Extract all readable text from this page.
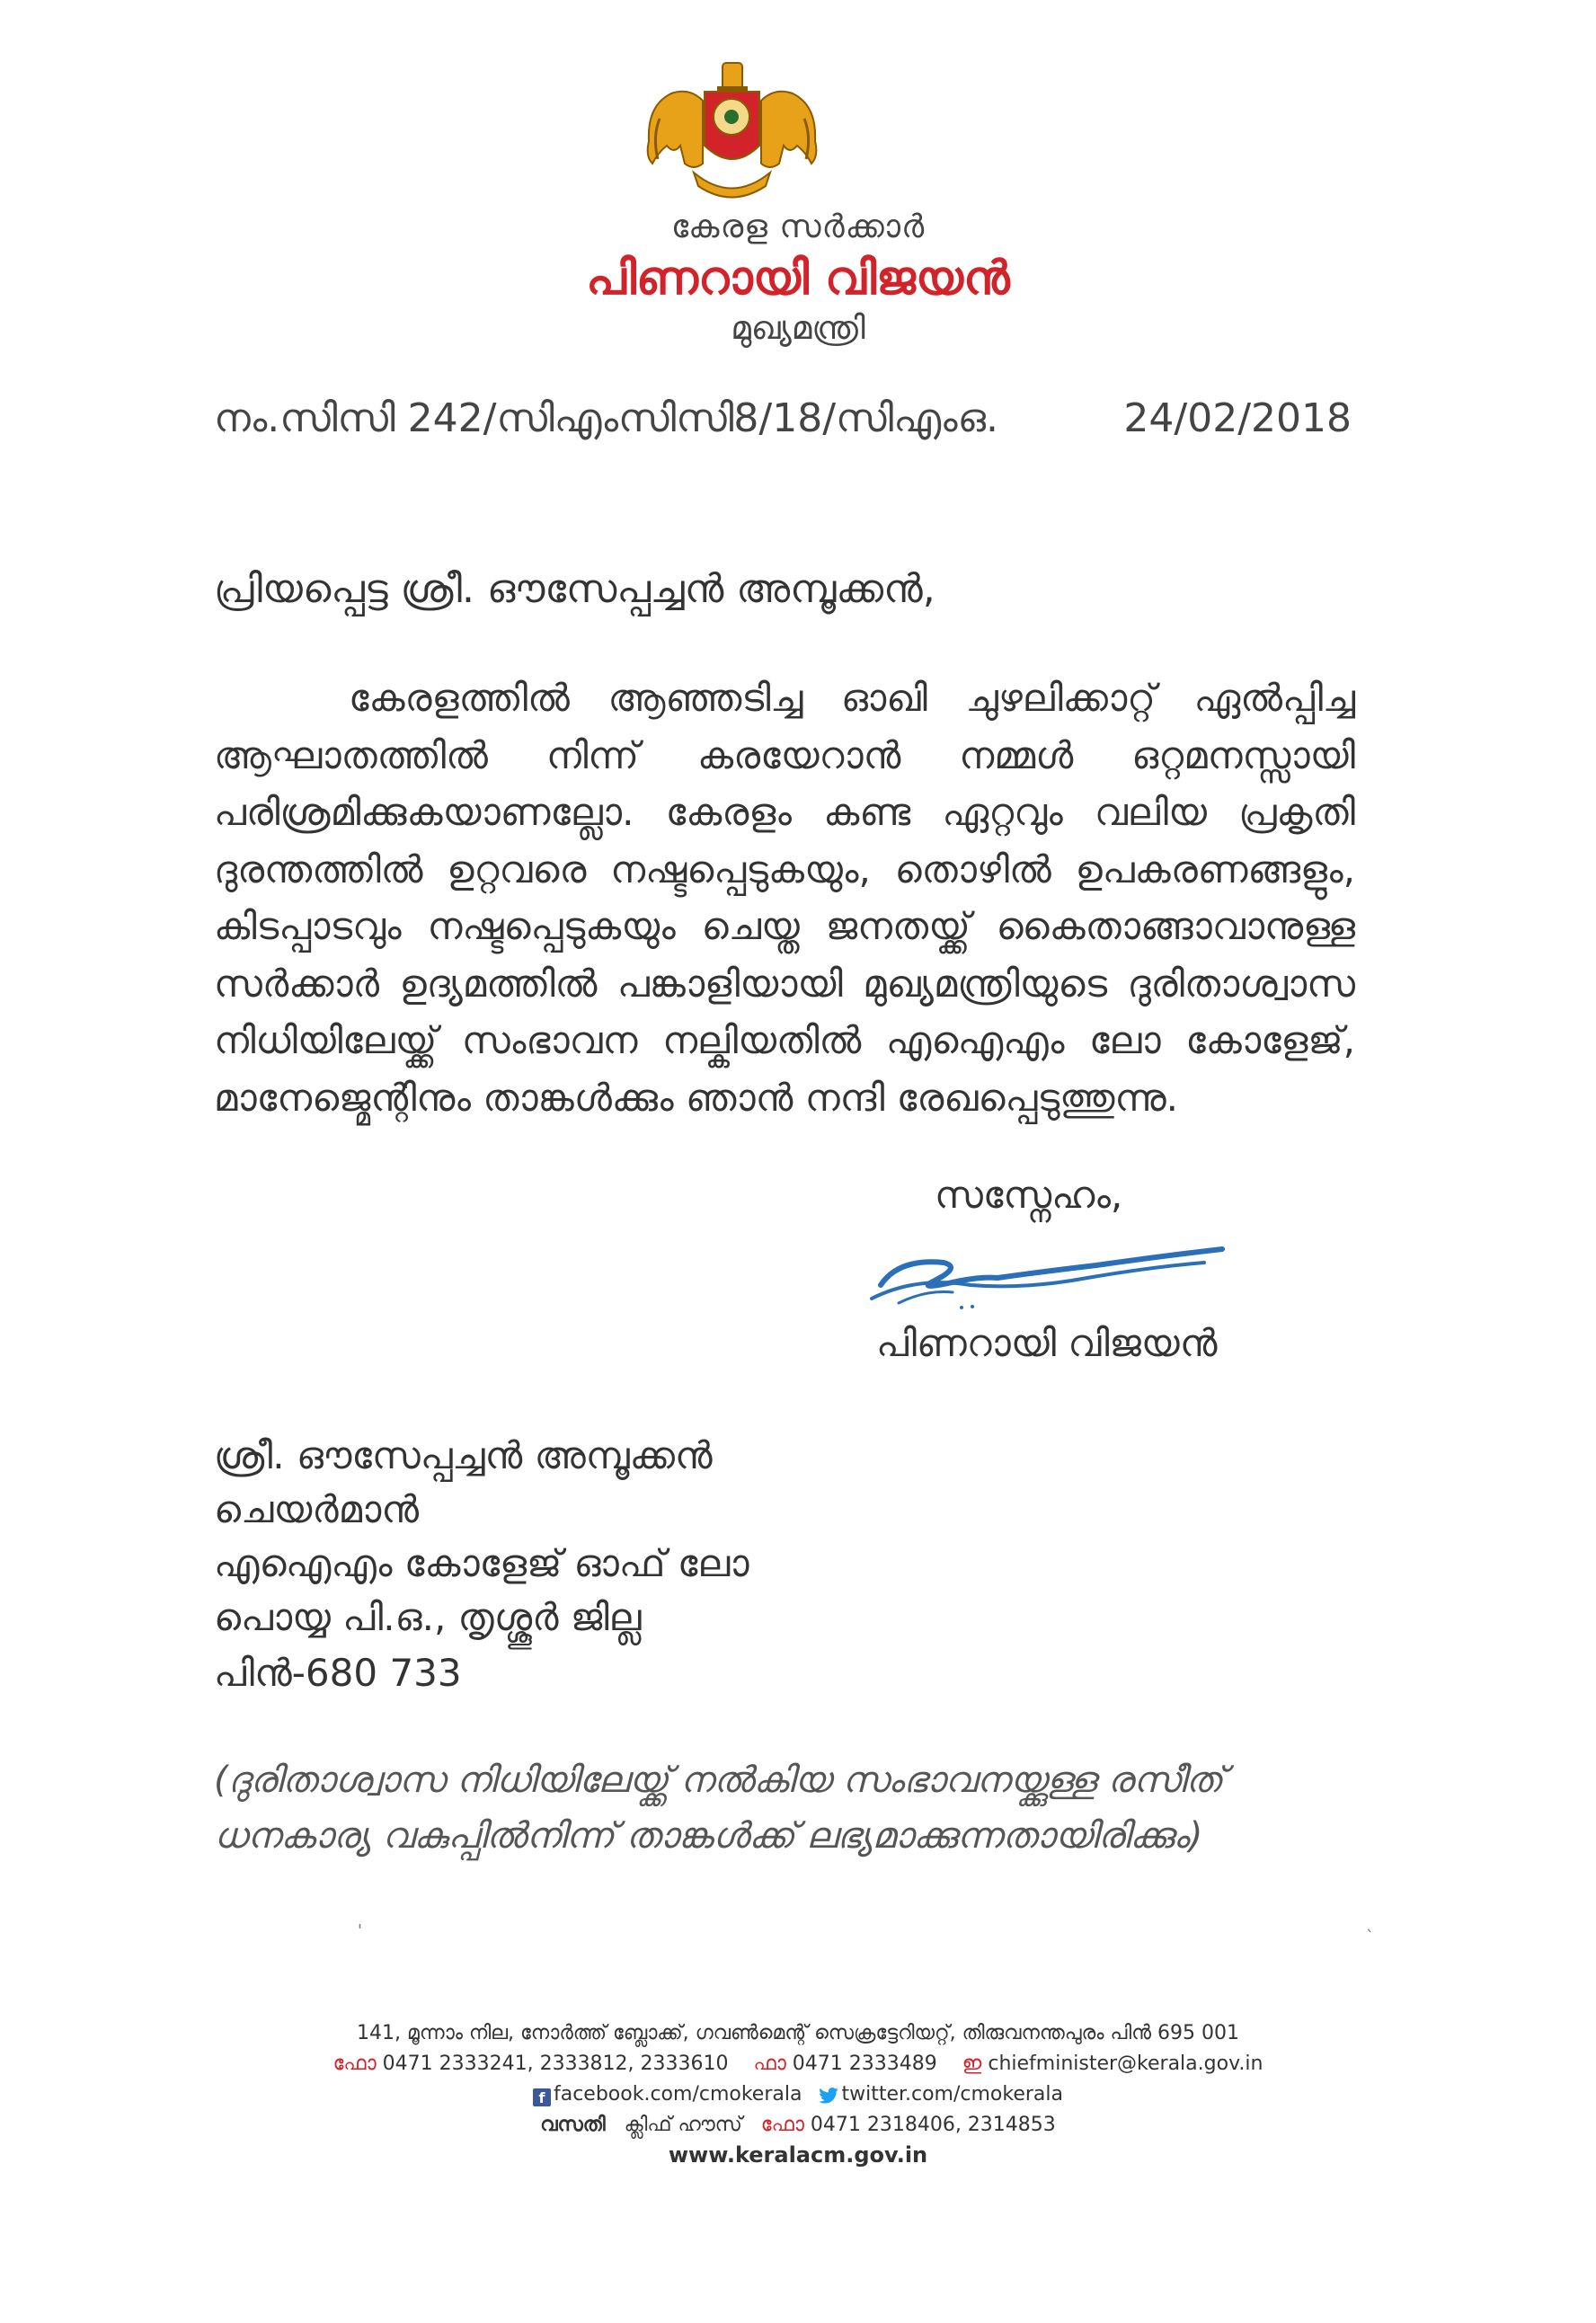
കേരള സർക്കാർ
പിണറായി വിജയൻ
മുഖ്യമന്ത്രി
നം.സിസി 242/സിഎംസിസി8/18/സിഎംഒ.	24/02/2018
പ്രിയപ്പെട്ട ശ്രീ. ഔസേപ്പച്ചൻ അമ്പൂക്കൻ,
കേരളത്തിൽ ആഞ്ഞടിച്ച ഓഖി ചുഴലിക്കാറ്റ് ഏൽപ്പിച്ച ആഘാതത്തിൽ നിന്ന് കരയേറാൻ നമ്മൾ ഒറ്റമനസ്സായി പരിശ്രമിക്കുകയാണല്ലോ. കേരളം കണ്ട ഏറ്റവും വലിയ പ്രകൃതി ദുരന്തത്തിൽ ഉറ്റവരെ നഷ്ടപ്പെടുകയും, തൊഴിൽ ഉപകരണങ്ങളും, കിടപ്പാടവും നഷ്ടപ്പെടുകയും ചെയ്ത ജനതയ്ക്ക് കൈതാങ്ങാവാനുള്ള സർക്കാർ ഉദ്യമത്തിൽ പങ്കാളിയായി മുഖ്യമന്ത്രിയുടെ ദുരിതാശ്വാസ നിധിയിലേയ്ക്ക് സംഭാവന നല്കിയതിൽ എഐഎം ലോ കോളേജ്, മാനേജ്മെന്റിനും താങ്കൾക്കും ഞാൻ നന്ദി രേഖപ്പെടുത്തുന്നു.
സസ്നേഹം,
പിണറായി വിജയൻ
ശ്രീ. ഔസേപ്പച്ചൻ അമ്പൂക്കൻ
ചെയർമാൻ
എഐഎം കോളേജ് ഓഫ് ലോ
പൊയ്യ പി.ഒ., തൃശ്ശൂർ ജില്ല
പിൻ-680 733
(ദുരിതാശ്വാസ നിധിയിലേയ്ക്ക് നൽകിയ സംഭാവനയ്ക്കുള്ള രസീത് ധനകാര്യ വകുപ്പിൽനിന്ന് താങ്കൾക്ക് ലഭ്യമാക്കുന്നതായിരിക്കും)
'	`
141, മൂന്നാം നില, നോർത്ത് ബ്ലോക്ക്, ഗവൺമെന്റ് സെക്രട്ടേറിയറ്റ്, തിരുവനന്തപുരം പിൻ 695 001
ഫോ 0471 2333241, 2333812, 2333610 ഫാ 0471 2333489 ഇ chiefminister@kerala.gov.in
f facebook.com/cmokerala twitter.com/cmokerala
വസതി ക്ലിഫ് ഹൗസ് ഫോ 0471 2318406, 2314853
www.keralacm.gov.in
